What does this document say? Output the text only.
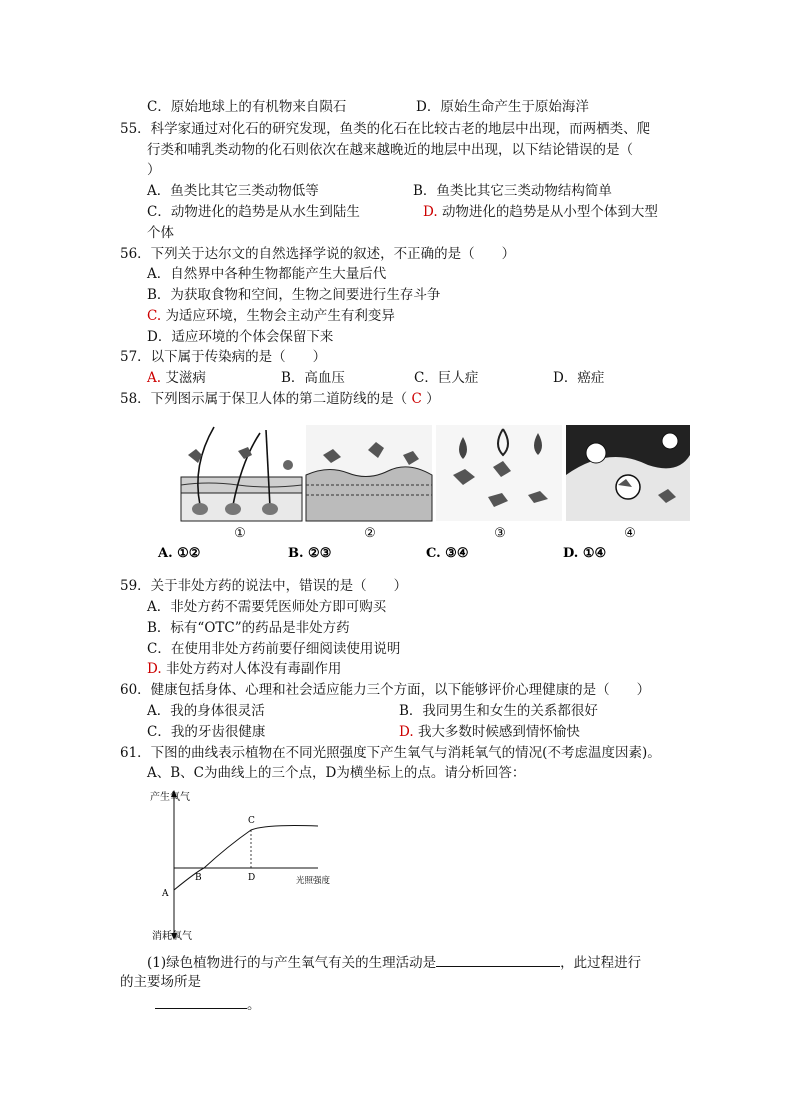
C．原始地球上的有机物来自陨石	D．原始生命产生于原始海洋
55．科学家通过对化石的研究发现，鱼类的化石在比较古老的地层中出现，而两栖类、爬
行类和哺乳类动物的化石则依次在越来越晚近的地层中出现，以下结论错误的是（
）
A．鱼类比其它三类动物低等	B．鱼类比其它三类动物结构简单
C．动物进化的趋势是从水生到陆生	D. 动物进化的趋势是从小型个体到大型
个体
56．下列关于达尔文的自然选择学说的叙述，不正确的是（　　）
A．自然界中各种生物都能产生大量后代
B．为获取食物和空间，生物之间要进行生存斗争
C. 为适应环境，生物会主动产生有利变异
D．适应环境的个体会保留下来
57．以下属于传染病的是（　　）
A. 艾滋病	B．高血压	C．巨人症	D．癌症
58．下列图示属于保卫人体的第二道防线的是（ C ）
①	②	③	④
A. ①②	B. ②③	C. ③④	D. ①④
59．关于非处方药的说法中，错误的是（　　）
A．非处方药不需要凭医师处方即可购买
B．标有“OTC”的药品是非处方药
C．在使用非处方药前要仔细阅读使用说明
D. 非处方药对人体没有毒副作用
60．健康包括身体、心理和社会适应能力三个方面，以下能够评价心理健康的是（　　）
A．我的身体很灵活	B．我同男生和女生的关系都很好
C．我的牙齿很健康	D. 我大多数时候感到情怀愉快
61．下图的曲线表示植物在不同光照强度下产生氧气与消耗氧气的情况(不考虑温度因素)。
A、B、C为曲线上的三个点，D为横坐标上的点。请分析回答：
产生氧气
消耗氧气
光照强度
A
B
C
D
(1)绿色植物进行的与产生氧气有关的生理活动是	，此过程进行
的主要场所是
。
